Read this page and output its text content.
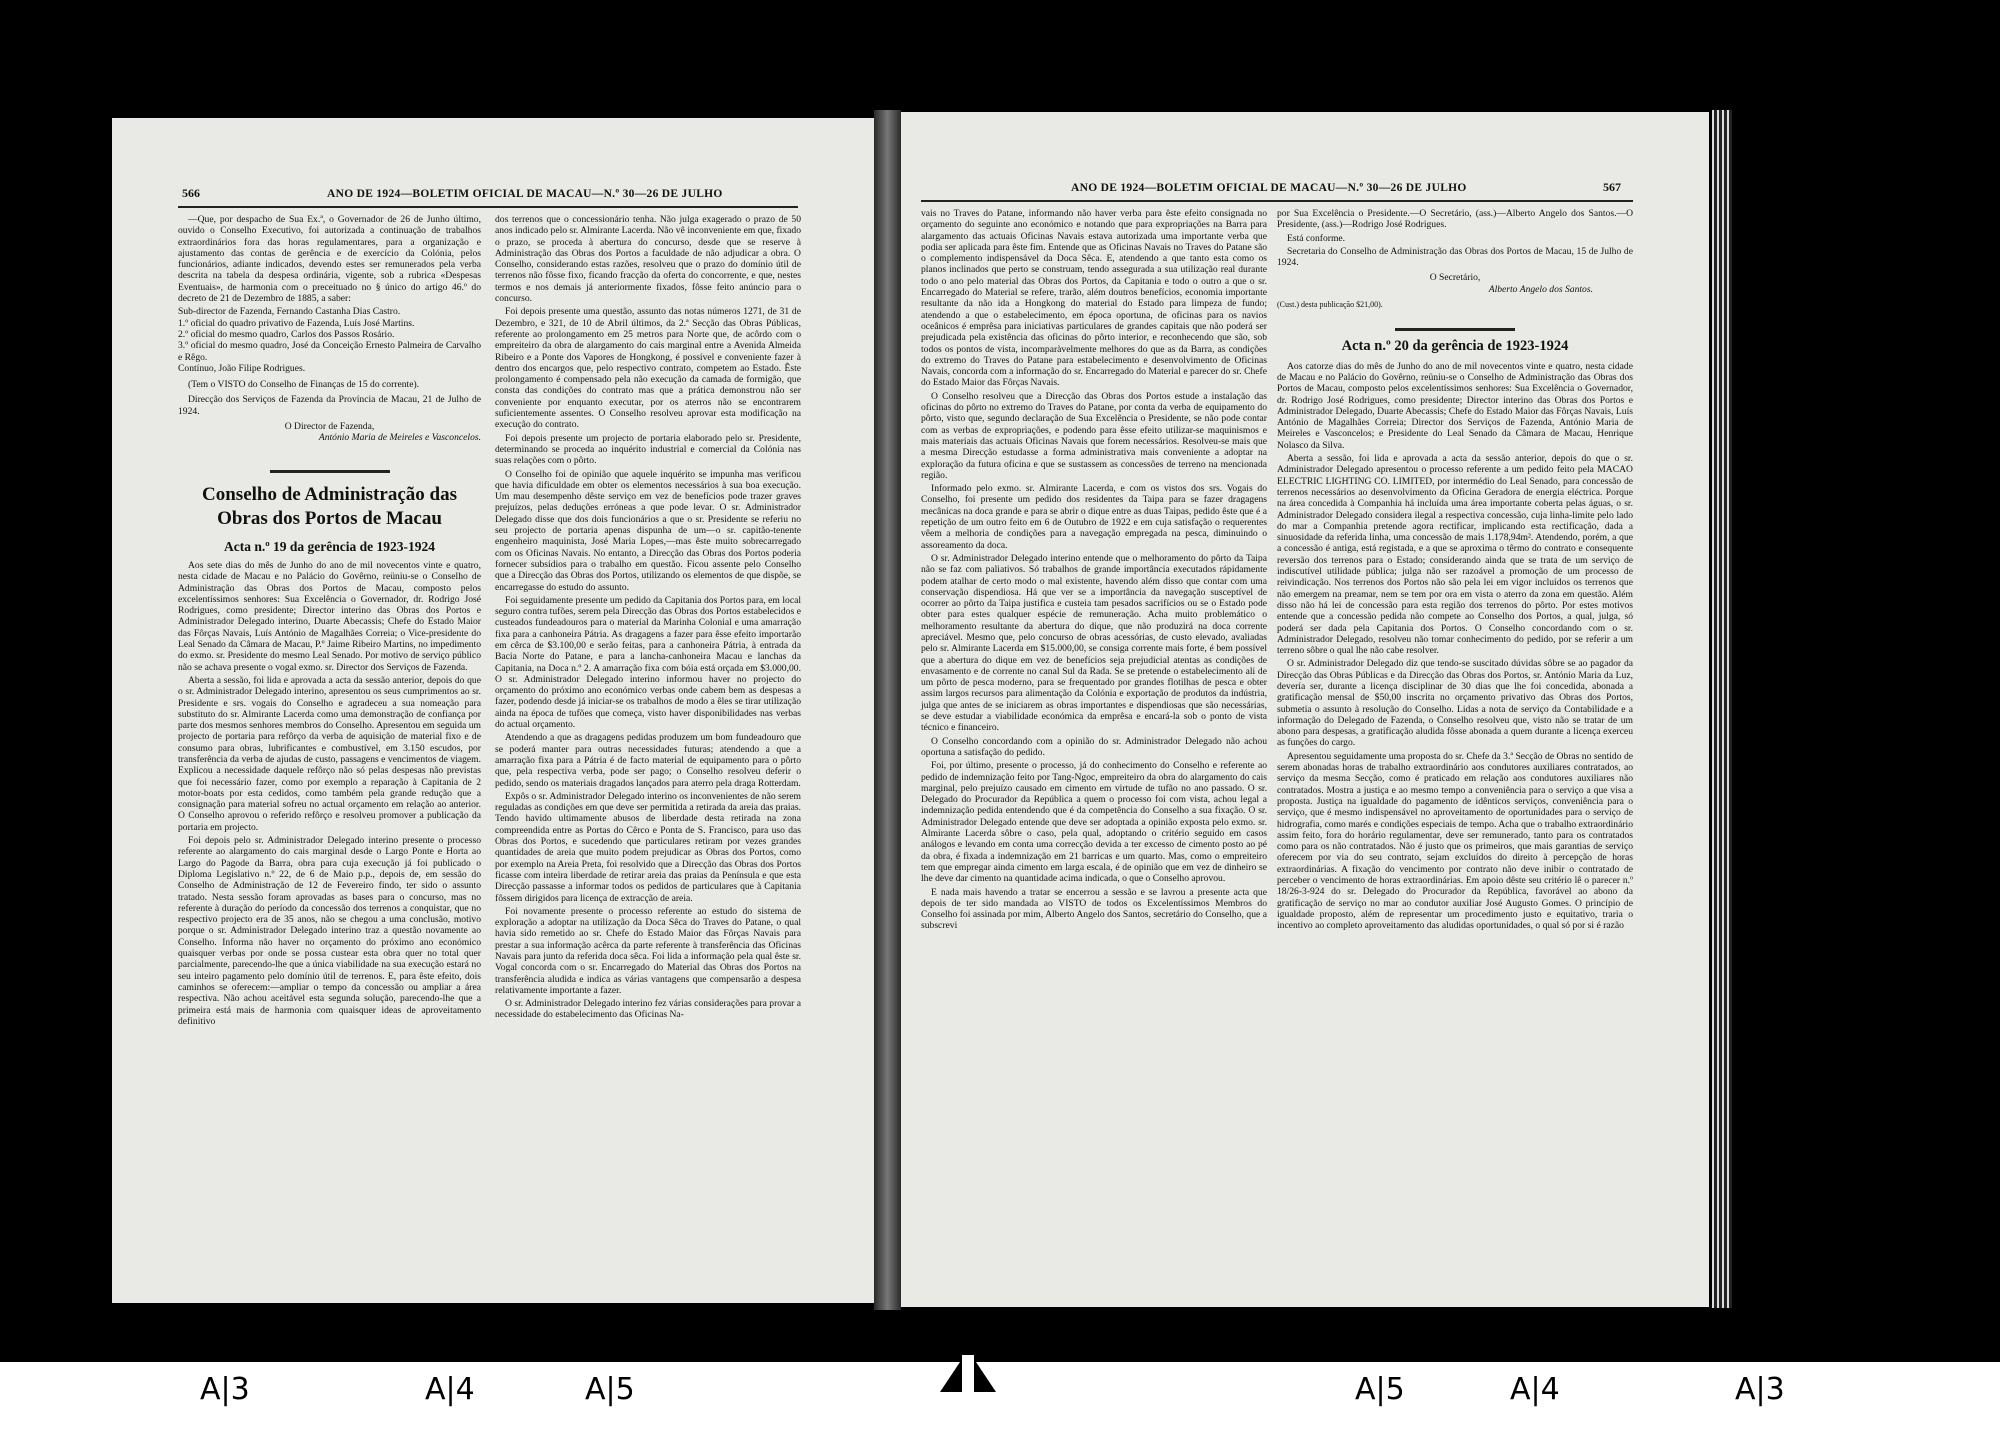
566	ANO DE 1924—BOLETIM OFICIAL DE MACAU—N.º 30—26 DE JULHO

—Que, por despacho de Sua Ex.ª, o Governador de 26 de Junho último, ouvido o Conselho Executivo, foi autorizada a continuação de trabalhos extraordinários fora das horas regulamentares, para a organização e ajustamento das contas de gerência e de exercício da Colónia, pelos funcionários, adiante indicados, devendo estes ser remunerados pela verba descrita na tabela da despesa ordinária, vigente, sob a rubrica «Despesas Eventuais», de harmonia com o preceituado no § único do artigo 46.º do decreto de 21 de Dezembro de 1885, a saber:

Sub-director de Fazenda, Fernando Castanha Dias Castro.
1.º oficial do quadro privativo de Fazenda, Luís José Martins.
2.º oficial do mesmo quadro, Carlos dos Passos Rosário.
3.º oficial do mesmo quadro, José da Conceição Ernesto Palmeira de Carvalho e Rêgo.
Contínuo, João Filipe Rodrigues.

(Tem o VISTO do Conselho de Finanças de 15 do corrente).

Direcção dos Serviços de Fazenda da Província de Macau, 21 de Julho de 1924.

O Director de Fazenda,
António Maria de Meireles e Vasconcelos.
Conselho de Administração das Obras dos Portos de Macau
Acta n.º 19 da gerência de 1923-1924

Aos sete dias do mês de Junho do ano de mil novecentos vinte e quatro, nesta cidade de Macau e no Palácio do Govêrno, reüniu-se o Conselho de Administração das Obras dos Portos de Macau, composto pelos excelentíssimos senhores: Sua Excelência o Governador, dr. Rodrigo José Rodrigues, como presidente; Director interino das Obras dos Portos e Administrador Delegado interino, Duarte Abecassis; Chefe do Estado Maior das Fôrças Navais, Luís António de Magalhães Correia; o Vice-presidente do Leal Senado da Câmara de Macau, P.º Jaime Ribeiro Martins, no impedimento do exmo. sr. Presidente do mesmo Leal Senado. Por motivo de serviço público não se achava presente o vogal exmo. sr. Director dos Serviços de Fazenda.

Aberta a sessão, foi lida e aprovada a acta da sessão anterior, depois do que o sr. Administrador Delegado interino, apresentou os seus cumprimentos ao sr. Presidente e srs. vogais do Conselho e agradeceu a sua nomeação para substituto do sr. Almirante Lacerda como uma demonstração de confiança por parte dos mesmos senhores membros do Conselho. Apresentou em seguida um projecto de portaria para refôrço da verba de aquisição de material fixo e de consumo para obras, lubrificantes e combustível, em 3.150 escudos, por transferência da verba de ajudas de custo, passagens e vencimentos de viagem. Explicou a necessidade daquele refôrço não só pelas despesas não previstas que foi necessário fazer, como por exemplo a reparação à Capitania de 2 motor-boats por esta cedidos, como também pela grande redução que a consignação para material sofreu no actual orçamento em relação ao anterior. O Conselho aprovou o referido refôrço e resolveu promover a publicação da portaria em projecto.

Foi depois pelo sr. Administrador Delegado interino presente o processo referente ao alargamento do cais marginal desde o Largo Ponte e Horta ao Largo do Pagode da Barra, obra para cuja execução já foi publicado o Diploma Legislativo n.º 22, de 6 de Maio p.p., depois de, em sessão do Conselho de Administração de 12 de Fevereiro findo, ter sido o assunto tratado. Nesta sessão foram aprovadas as bases para o concurso, mas no referente à duração do período da concessão dos terrenos a conquistar, que no respectivo projecto era de 35 anos, não se chegou a uma conclusão, motivo porque o sr. Administrador Delegado interino traz a questão novamente ao Conselho. Informa não haver no orçamento do próximo ano económico quaisquer verbas por onde se possa custear esta obra quer no total quer parcialmente, parecendo-lhe que a única viabilidade na sua execução estará no seu inteiro pagamento pelo domínio útil de terrenos. E, para êste efeito, dois caminhos se oferecem:—ampliar o tempo da concessão ou ampliar a área respectiva. Não achou aceitável esta segunda solução, parecendo-lhe que a primeira está mais de harmonia com quaisquer ideas de aproveitamento definitivo

dos terrenos que o concessionário tenha. Não julga exagerado o prazo de 50 anos indicado pelo sr. Almirante Lacerda. Não vê inconveniente em que, fixado o prazo, se proceda à abertura do concurso, desde que se reserve à Administração das Obras dos Portos a faculdade de não adjudicar a obra. O Conselho, considerando estas razões, resolveu que o prazo do domínio útil de terrenos não fôsse fixo, ficando fracção da oferta do concorrente, e que, nestes termos e nos demais já anteriormente fixados, fôsse feito anúncio para o concurso.

Foi depois presente uma questão, assunto das notas números 1271, de 31 de Dezembro, e 321, de 10 de Abril últimos, da 2.ª Secção das Obras Públicas, referente ao prolongamento em 25 metros para Norte que, de acôrdo com o empreiteiro da obra de alargamento do cais marginal entre a Avenida Almeida Ribeiro e a Ponte dos Vapores de Hongkong, é possível e conveniente fazer à dentro dos encargos que, pelo respectivo contrato, competem ao Estado. Êste prolongamento é compensado pela não execução da camada de formigão, que consta das condições do contrato mas que a prática demonstrou não ser conveniente por enquanto executar, por os aterros não se encontrarem suficientemente assentes. O Conselho resolveu aprovar esta modificação na execução do contrato.

Foi depois presente um projecto de portaria elaborado pelo sr. Presidente, determinando se proceda ao inquérito industrial e comercial da Colónia nas suas relações com o pôrto.

O Conselho foi de opinião que aquele inquérito se impunha mas verificou que havia dificuldade em obter os elementos necessários à sua boa execução. Um mau desempenho dêste serviço em vez de benefícios pode trazer graves prejuízos, pelas deduções erróneas a que pode levar. O sr. Administrador Delegado disse que dos dois funcionários a que o sr. Presidente se referiu no seu projecto de portaria apenas dispunha de um—o sr. capitão-tenente engenheiro maquinista, José Maria Lopes,—mas êste muito sobrecarregado com os Oficinas Navais. No entanto, a Direcção das Obras dos Portos poderia fornecer subsídios para o trabalho em questão. Ficou assente pelo Conselho que a Direcção das Obras dos Portos, utilizando os elementos de que dispõe, se encarregasse do estudo do assunto.

Foi seguidamente presente um pedido da Capitania dos Portos para, em local seguro contra tufões, serem pela Direcção das Obras dos Portos estabelecidos e custeados fundeadouros para o material da Marinha Colonial e uma amarração fixa para a canhoneira Pátria. As dragagens a fazer para êsse efeito importarão em cêrca de $3.100,00 e serão feitas, para a canhoneira Pátria, à entrada da Bacia Norte do Patane, e para a lancha-canhoneira Macau e lanchas da Capitania, na Doca n.º 2. A amarração fixa com bóia está orçada em $3.000,00. O sr. Administrador Delegado interino informou haver no projecto do orçamento do próximo ano económico verbas onde cabem bem as despesas a fazer, podendo desde já iniciar-se os trabalhos de modo a êles se tirar utilização ainda na época de tufões que começa, visto haver disponibilidades nas verbas do actual orçamento.

Atendendo a que as dragagens pedidas produzem um bom fundeadouro que se poderá manter para outras necessidades futuras; atendendo a que a amarração fixa para a Pátria é de facto material de equipamento para o pôrto que, pela respectiva verba, pode ser pago; o Conselho resolveu deferir o pedido, sendo os materiais dragados lançados para aterro pela draga Rotterdam.

Expôs o sr. Administrador Delegado interino os inconvenientes de não serem reguladas as condições em que deve ser permitida a retirada da areia das praias. Tendo havido ultimamente abusos de liberdade desta retirada na zona compreendida entre as Portas do Cêrco e Ponta de S. Francisco, para uso das Obras dos Portos, e sucedendo que particulares retiram por vezes grandes quantidades de areia que muito podem prejudicar as Obras dos Portos, como por exemplo na Areia Preta, foi resolvido que a Direcção das Obras dos Portos ficasse com inteira liberdade de retirar areia das praias da Península e que esta Direcção passasse a informar todos os pedidos de particulares que à Capitania fôssem dirigidos para licença de extracção de areia.

Foi novamente presente o processo referente ao estudo do sistema de exploração a adoptar na utilização da Doca Sêca do Traves do Patane, o qual havia sido remetido ao sr. Chefe do Estado Maior das Fôrças Navais para prestar a sua informação acêrca da parte referente à transferência das Oficinas Navais para junto da referida doca sêca. Foi lida a informação pela qual êste sr. Vogal concorda com o sr. Encarregado do Material das Obras dos Portos na transferência aludida e indica as várias vantagens que compensarão a despesa relativamente importante a fazer.

O sr. Administrador Delegado interino fez várias considerações para provar a necessidade do estabelecimento das Oficinas Na-

ANO DE 1924—BOLETIM OFICIAL DE MACAU—N.º 30—26 DE JULHO	567

vais no Traves do Patane, informando não haver verba para êste efeito consignada no orçamento do seguinte ano económico e notando que para expropriações na Barra para alargamento das actuais Oficinas Navais estava autorizada uma importante verba que podia ser aplicada para êste fim. Entende que as Oficinas Navais no Traves do Patane são o complemento indispensável da Doca Sêca. E, atendendo a que tanto esta como os planos inclinados que perto se construam, tendo assegurada a sua utilização real durante todo o ano pelo material das Obras dos Portos, da Capitania e todo o outro a que o sr. Encarregado do Material se refere, trarão, além doutros benefícios, economia importante resultante da não ida a Hongkong do material do Estado para limpeza de fundo; atendendo a que o estabelecimento, em época oportuna, de oficinas para os navios oceânicos é emprêsa para iniciativas particulares de grandes capitais que não poderá ser prejudicada pela existência das oficinas do pôrto interior, e reconhecendo que são, sob todos os pontos de vista, incomparàvelmente melhores do que as da Barra, as condições do extremo do Traves do Patane para estabelecimento e desenvolvimento de Oficinas Navais, concorda com a informação do sr. Encarregado do Material e parecer do sr. Chefe do Estado Maior das Fôrças Navais.

O Conselho resolveu que a Direcção das Obras dos Portos estude a instalação das oficinas do pôrto no extremo do Traves do Patane, por conta da verba de equipamento do pôrto, visto que, segundo declaração de Sua Excelência o Presidente, se não pode contar com as verbas de expropriações, e podendo para êsse efeito utilizar-se maquinismos e mais materiais das actuais Oficinas Navais que forem necessários. Resolveu-se mais que a mesma Direcção estudasse a forma administrativa mais conveniente a adoptar na exploração da futura oficina e que se sustassem as concessões de terreno na mencionada região.

Informado pelo exmo. sr. Almirante Lacerda, e com os vistos dos srs. Vogais do Conselho, foi presente um pedido dos residentes da Taipa para se fazer dragagens mecânicas na doca grande e para se abrir o dique entre as duas Taipas, pedido êste que é a repetição de um outro feito em 6 de Outubro de 1922 e em cuja satisfação o requerentes vêem a melhoria de condições para a navegação empregada na pesca, diminuindo o assoreamento da doca.

O sr. Administrador Delegado interino entende que o melhoramento do pôrto da Taipa não se faz com paliativos. Só trabalhos de grande importância executados rápidamente podem atalhar de certo modo o mal existente, havendo além disso que contar com uma conservação dispendiosa. Há que ver se a importância da navegação susceptível de ocorrer ao pôrto da Taipa justifica e custeia tam pesados sacrifícios ou se o Estado pode obter para estes qualquer espécie de remuneração. Acha muito problemático o melhoramento resultante da abertura do dique, que não produzirá na doca corrente apreciável. Mesmo que, pelo concurso de obras acessórias, de custo elevado, avaliadas pelo sr. Almirante Lacerda em $15.000,00, se consiga corrente mais forte, é bem possível que a abertura do dique em vez de benefícios seja prejudicial atentas as condições de envasamento e de corrente no canal Sul da Rada. Se se pretende o estabelecimento ali de um pôrto de pesca moderno, para se frequentado por grandes flotilhas de pesca e obter assim largos recursos para alimentação da Colónia e exportação de produtos da indústria, julga que antes de se iniciarem as obras importantes e dispendiosas que são necessárias, se deve estudar a viabilidade económica da emprêsa e encará-la sob o ponto de vista técnico e financeiro.

O Conselho concordando com a opinião do sr. Administrador Delegado não achou oportuna a satisfação do pedido.

Foi, por último, presente o processo, já do conhecimento do Conselho e referente ao pedido de indemnização feito por Tang-Ngoc, empreiteiro da obra do alargamento do cais marginal, pelo prejuízo causado em cimento em virtude de tufão no ano passado. O sr. Delegado do Procurador da República a quem o processo foi com vista, achou legal a indemnização pedida entendendo que é da competência do Conselho a sua fixação. O sr. Administrador Delegado entende que deve ser adoptada a opinião exposta pelo exmo. sr. Almirante Lacerda sôbre o caso, pela qual, adoptando o critério seguido em casos análogos e levando em conta uma correcção devida a ter excesso de cimento posto ao pé da obra, é fixada a indemnização em 21 barricas e um quarto. Mas, como o empreiteiro tem que empregar ainda cimento em larga escala, é de opinião que em vez de dinheiro se lhe deve dar cimento na quantidade acima indicada, o que o Conselho aprovou.

E nada mais havendo a tratar se encerrou a sessão e se lavrou a presente acta que depois de ter sido mandada ao VISTO de todos os Excelentíssimos Membros do Conselho foi assinada por mim, Alberto Angelo dos Santos, secretário do Conselho, que a subscrevi

por Sua Excelência o Presidente.—O Secretário, (ass.)—Alberto Angelo dos Santos.—O Presidente, (ass.)—Rodrigo José Rodrigues.

Está conforme.

Secretaria do Conselho de Administração das Obras dos Portos de Macau, 15 de Julho de 1924.

O Secretário,
Alberto Angelo dos Santos.
(Cust.) desta publicação $21,00).
Acta n.º 20 da gerência de 1923-1924

Aos catorze dias do mês de Junho do ano de mil novecentos vinte e quatro, nesta cidade de Macau e no Palácio do Govêrno, reüniu-se o Conselho de Administração das Obras dos Portos de Macau, composto pelos excelentíssimos senhores: Sua Excelência o Governador, dr. Rodrigo José Rodrigues, como presidente; Director interino das Obras dos Portos e Administrador Delegado, Duarte Abecassis; Chefe do Estado Maior das Fôrças Navais, Luís António de Magalhães Correia; Director dos Serviços de Fazenda, António Maria de Meireles e Vasconcelos; e Presidente do Leal Senado da Câmara de Macau, Henrique Nolasco da Silva.

Aberta a sessão, foi lida e aprovada a acta da sessão anterior, depois do que o sr. Administrador Delegado apresentou o processo referente a um pedido feito pela MACAO ELECTRIC LIGHTING CO. LIMITED, por intermédio do Leal Senado, para concessão de terrenos necessários ao desenvolvimento da Oficina Geradora de energia eléctrica. Porque na área concedida à Companhia há incluída uma área importante coberta pelas águas, o sr. Administrador Delegado considera ilegal a respectiva concessão, cuja linha-limite pelo lado do mar a Companhia pretende agora rectificar, implicando esta rectificação, dada a sinuosidade da referida linha, uma concessão de mais 1.178,94m². Atendendo, porém, a que a concessão é antiga, está registada, e a que se aproxima o têrmo do contrato e consequente reversão dos terrenos para o Estado; considerando ainda que se trata de um serviço de indiscutível utilidade pública; julga não ser razoável a promoção de um processo de reivindicação. Nos terrenos dos Portos não são pela lei em vigor incluídos os terrenos que não emergem na preamar, nem se tem por ora em vista o aterro da zona em questão. Além disso não há lei de concessão para esta região dos terrenos do pôrto. Por estes motivos entende que a concessão pedida não compete ao Conselho dos Portos, a qual, julga, só poderá ser dada pela Capitania dos Portos. O Conselho concordando com o sr. Administrador Delegado, resolveu não tomar conhecimento do pedido, por se referir a um terreno sôbre o qual lhe não cabe resolver.

O sr. Administrador Delegado diz que tendo-se suscitado dúvidas sôbre se ao pagador da Direcção das Obras Públicas e da Direcção das Obras dos Portos, sr. António Maria da Luz, devería ser, durante a licença disciplinar de 30 dias que lhe foi concedida, abonada a gratificação mensal de $50,00 inscrita no orçamento privativo das Obras dos Portos, submetia o assunto à resolução do Conselho. Lidas a nota de serviço da Contabilidade e a informação do Delegado de Fazenda, o Conselho resolveu que, visto não se tratar de um abono para despesas, a gratificação aludida fôsse abonada a quem durante a licença exerceu as funções do cargo.

Apresentou seguidamente uma proposta do sr. Chefe da 3.ª Secção de Obras no sentido de serem abonadas horas de trabalho extraordinário aos condutores auxiliares contratados, ao serviço da mesma Secção, como é praticado em relação aos condutores auxiliares não contratados. Mostra a justiça e ao mesmo tempo a conveniência para o serviço a que visa a proposta. Justiça na igualdade do pagamento de idênticos serviços, conveniência para o serviço, que é mesmo indispensável no aproveitamento de oportunidades para o serviço de hidrografia, como marés e condições especiais de tempo. Acha que o trabalho extraordinário assim feito, fora do horário regulamentar, deve ser remunerado, tanto para os contratados como para os não contratados. Não é justo que os primeiros, que mais garantias de serviço oferecem por via do seu contrato, sejam excluídos do direito à percepção de horas extraordinárias. A fixação do vencimento por contrato não deve inibir o contratado de perceber o vencimento de horas extraordinárias. Em apoio dêste seu critério lê o parecer n.º 18/26-3-924 do sr. Delegado do Procurador da República, favorável ao abono da gratificação de serviço no mar ao condutor auxiliar José Augusto Gomes. O princípio de igualdade proposto, além de representar um procedimento justo e equitativo, traria o incentivo ao completo aproveitamento das aludidas oportunidades, o qual só por si é razão

A|3	A|4	A|5	A|5	A|4	A|3
